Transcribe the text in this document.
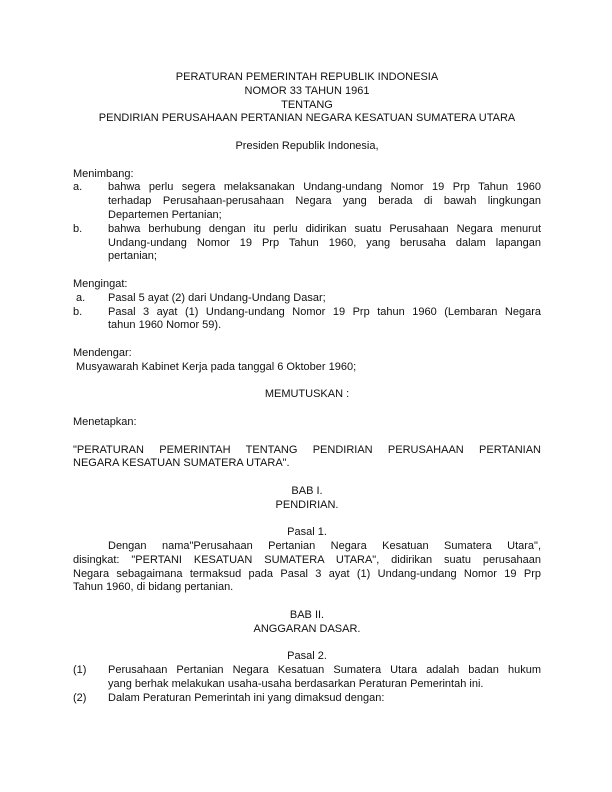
PERATURAN PEMERINTAH REPUBLIK INDONESIA
NOMOR 33 TAHUN 1961
TENTANG
PENDIRIAN PERUSAHAAN PERTANIAN NEGARA KESATUAN SUMATERA UTARA
Presiden Republik Indonesia,
Menimbang:
a.	bahwa perlu segera melaksanakan Undang-undang Nomor 19 Prp Tahun 1960
terhadap Perusahaan-perusahaan Negara yang berada di bawah lingkungan
Departemen Pertanian;
b.	bahwa berhubung dengan itu perlu didirikan suatu Perusahaan Negara menurut
Undang-undang Nomor 19 Prp Tahun 1960, yang berusaha dalam lapangan
pertanian;
Mengingat:
a.	Pasal 5 ayat (2) dari Undang-Undang Dasar;
b.	Pasal 3 ayat (1) Undang-undang Nomor 19 Prp tahun 1960 (Lembaran Negara
tahun 1960 Nomor 59).
Mendengar:
Musyawarah Kabinet Kerja pada tanggal 6 Oktober 1960;
MEMUTUSKAN :
Menetapkan:
"PERATURAN PEMERINTAH TENTANG PENDIRIAN PERUSAHAAN PERTANIAN
NEGARA KESATUAN SUMATERA UTARA".
BAB I.
PENDIRIAN.
Pasal 1.
Dengan nama"Perusahaan Pertanian Negara Kesatuan Sumatera Utara",
disingkat: "PERTANI KESATUAN SUMATERA UTARA", didirikan suatu perusahaan
Negara sebagaimana termaksud pada Pasal 3 ayat (1) Undang-undang Nomor 19 Prp
Tahun 1960, di bidang pertanian.
BAB II.
ANGGARAN DASAR.
Pasal 2.
(1)	Perusahaan Pertanian Negara Kesatuan Sumatera Utara adalah badan hukum
yang berhak melakukan usaha-usaha berdasarkan Peraturan Pemerintah ini.
(2)	Dalam Peraturan Pemerintah ini yang dimaksud dengan:
